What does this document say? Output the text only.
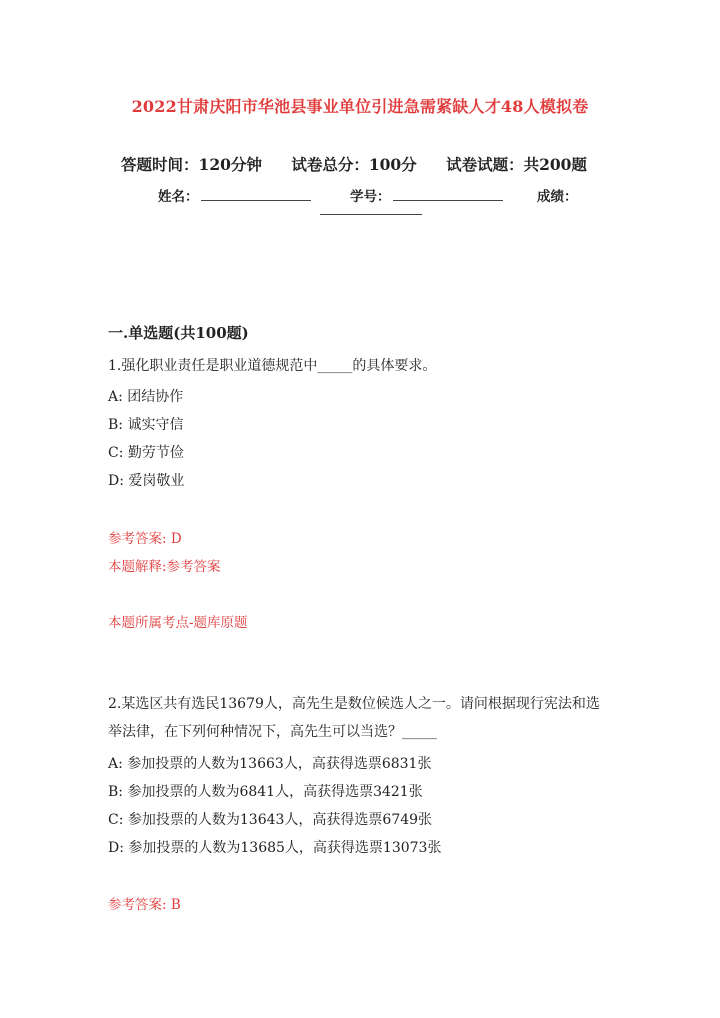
2022甘肃庆阳市华池县事业单位引进急需紧缺人才48人模拟卷
答题时间：120分钟 试卷总分：100分 试卷试题：共200题
姓名：	学号：	成绩：
一.单选题(共100题)
1.强化职业责任是职业道德规范中_____的具体要求。
A: 团结协作
B: 诚实守信
C: 勤劳节俭
D: 爱岗敬业
参考答案: D
本题解释:参考答案
本题所属考点-题库原题
2.某选区共有选民13679人，高先生是数位候选人之一。请问根据现行宪法和选举法律，在下列何种情况下，高先生可以当选？_____
A: 参加投票的人数为13663人，高获得选票6831张
B: 参加投票的人数为6841人，高获得选票3421张
C: 参加投票的人数为13643人，高获得选票6749张
D: 参加投票的人数为13685人，高获得选票13073张
参考答案: B
